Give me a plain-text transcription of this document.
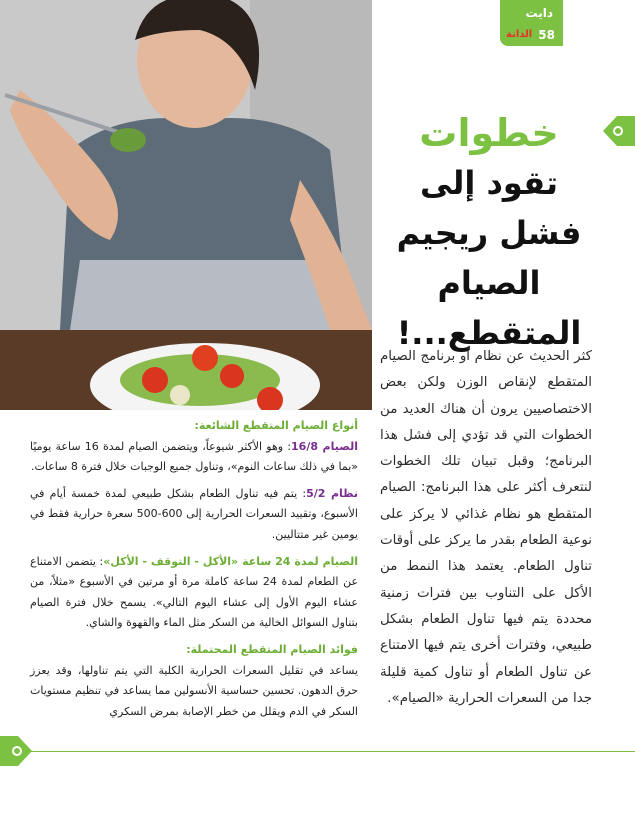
دايت
الدانة 58
خطوات
تقود إلى
فشل ريجيم
الصيام
المتقطع...!
كثر الحديث عن نظام أو برنامج الصيام المتقطع لإنقاص الوزن ولكن بعض الاختصاصيين يرون أن هناك العديد من الخطوات التي قد تؤدي إلى فشل هذا البرنامج؛ وقبل تبيان تلك الخطوات لنتعرف أكثر على هذا البرنامج: الصيام المتقطع هو نظام غذائي لا يركز على نوعية الطعام بقدر ما يركز على أوقات تناول الطعام. يعتمد هذا النمط من الأكل على التناوب بين فترات زمنية محددة يتم فيها تناول الطعام بشكل طبيعي، وفترات أخرى يتم فيها الامتناع عن تناول الطعام أو تناول كمية قليلة جدا من السعرات الحرارية «الصيام».
أنواع الصيام المتقطع الشائعة:

الصيام 16/8: وهو الأكثر شيوعاً، ويتضمن الصيام لمدة 16 ساعة يوميًا «بما في ذلك ساعات النوم»، وتناول جميع الوجبات خلال فترة 8 ساعات.

نظام 5/2: يتم فيه تناول الطعام بشكل طبيعي لمدة خمسة أيام في الأسبوع، وتقييد السعرات الحرارية إلى 600-500 سعرة حرارية فقط في يومين غير متتاليين.

الصيام لمدة 24 ساعة «الأكل - التوقف - الأكل»: يتضمن الامتناع عن الطعام لمدة 24 ساعة كاملة مرة أو مرتين في الأسبوع «مثلاً، من عشاء اليوم الأول إلى عشاء اليوم التالي». يسمح خلال فترة الصيام بتناول السوائل الخالية من السكر مثل الماء والقهوة والشاي.

فوائد الصيام المتقطع المحتملة:

يساعد في تقليل السعرات الحرارية الكلية التي يتم تناولها، وقد يعزز حرق الدهون. تحسين حساسية الأنسولين مما يساعد في تنظيم مستويات السكر في الدم ويقلل من خطر الإصابة بمرض السكري
